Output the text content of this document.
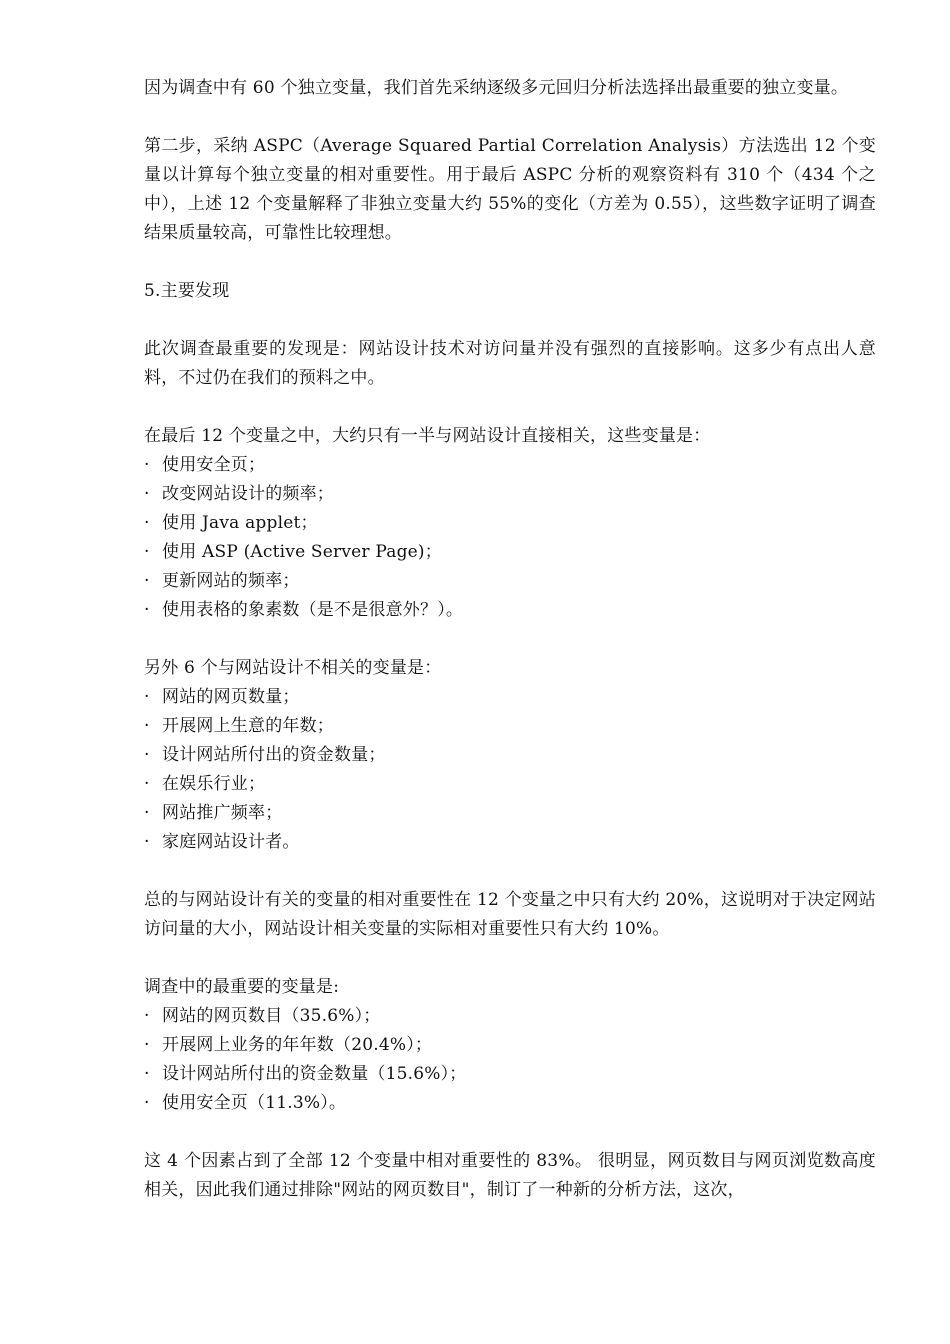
因为调查中有 60 个独立变量，我们首先采纳逐级多元回归分析法选择出最重要的独立变量。

第二步，采纳 ASPC（Average Squared Partial Correlation Analysis）方法选出 12 个变量以计算每个独立变量的相对重要性。用于最后 ASPC 分析的观察资料有 310 个（434 个之中），上述 12 个变量解释了非独立变量大约 55%的变化（方差为 0.55），这些数字证明了调查结果质量较高，可靠性比较理想。

5.主要发现

此次调查最重要的发现是：网站设计技术对访问量并没有强烈的直接影响。这多少有点出人意料，不过仍在我们的预料之中。

在最后 12 个变量之中，大约只有一半与网站设计直接相关，这些变量是：

· 使用安全页；
· 改变网站设计的频率；
· 使用 Java applet；
· 使用 ASP (Active Server Page)；
· 更新网站的频率；
· 使用表格的象素数（是不是很意外？）。

另外 6 个与网站设计不相关的变量是：

· 网站的网页数量；
· 开展网上生意的年数；
· 设计网站所付出的资金数量；
· 在娱乐行业；
· 网站推广频率；
· 家庭网站设计者。

总的与网站设计有关的变量的相对重要性在 12 个变量之中只有大约 20%，这说明对于决定网站访问量的大小，网站设计相关变量的实际相对重要性只有大约 10%。

调查中的最重要的变量是:

· 网站的网页数目（35.6%）；
· 开展网上业务的年年数（20.4%）；
· 设计网站所付出的资金数量（15.6%）；
· 使用安全页（11.3%）。

这 4 个因素占到了全部 12 个变量中相对重要性的 83%。 很明显，网页数目与网页浏览数高度相关，因此我们通过排除"网站的网页数目"，制订了一种新的分析方法，这次，
